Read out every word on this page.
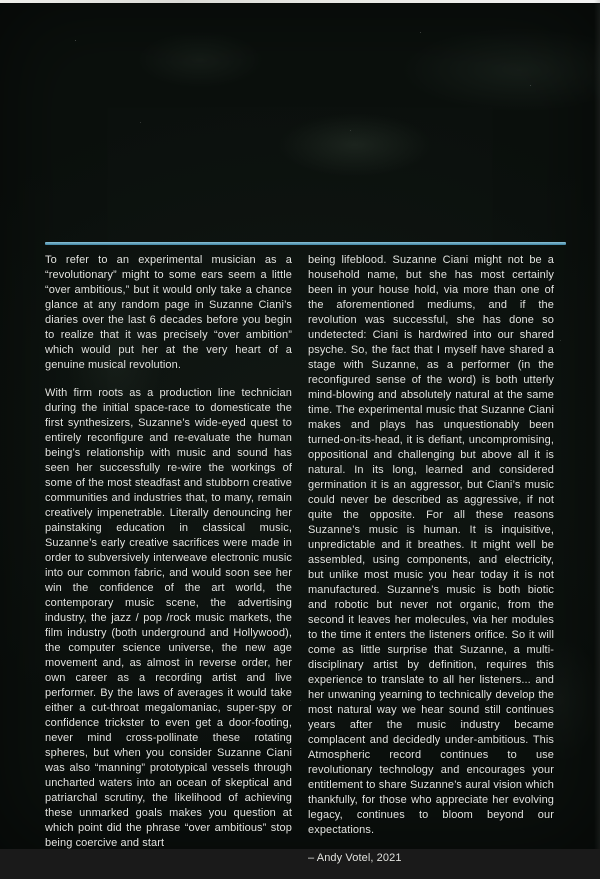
To refer to an experimental musician as a “revolutionary” might to some ears seem a little “over ambitious,” but it would only take a chance glance at any random page in Suzanne Ciani’s diaries over the last 6 decades before you begin to realize that it was precisely “over ambition” which would put her at the very heart of a genuine musical revolution.

With firm roots as a production line technician during the initial space-race to domesticate the first synthesizers, Suzanne’s wide-eyed quest to entirely reconfigure and re-evaluate the human being’s relationship with music and sound has seen her successfully re-wire the workings of some of the most steadfast and stubborn creative communities and industries that, to many, remain creatively impenetrable. Literally denouncing her painstaking education in classical music, Suzanne’s early creative sacrifices were made in order to subversively interweave electronic music into our common fabric, and would soon see her win the confidence of the art world, the contemporary music scene, the advertising industry, the jazz / pop /rock music markets, the film industry (both underground and Hollywood), the computer science universe, the new age movement and, as almost in reverse order, her own career as a recording artist and live performer. By the laws of averages it would take either a cut-throat megalomaniac, super-spy or confidence trickster to even get a door-footing, never mind cross-pollinate these rotating spheres, but when you consider Suzanne Ciani was also “manning” prototypical vessels through uncharted waters into an ocean of skeptical and patriarchal scrutiny, the likelihood of achieving these unmarked goals makes you question at which point did the phrase “over ambitious” stop being coercive and start

being lifeblood. Suzanne Ciani might not be a household name, but she has most certainly been in your house hold, via more than one of the aforementioned mediums, and if the revolution was successful, she has done so undetected: Ciani is hardwired into our shared psyche. So, the fact that I myself have shared a stage with Suzanne, as a performer (in the reconfigured sense of the word) is both utterly mind-blowing and absolutely natural at the same time. The experimental music that Suzanne Ciani makes and plays has unquestionably been turned-on-its-head, it is defiant, uncompromising, oppositional and challenging but above all it is natural. In its long, learned and considered germination it is an aggressor, but Ciani’s music could never be described as aggressive, if not quite the opposite. For all these reasons Suzanne’s music is human. It is inquisitive, unpredictable and it breathes. It might well be assembled, using components, and electricity, but unlike most music you hear today it is not manufactured. Suzanne’s music is both biotic and robotic but never not organic, from the second it leaves her molecules, via her modules to the time it enters the listeners orifice. So it will come as little surprise that Suzanne, a multi-disciplinary artist by definition, requires this experience to translate to all her listeners... and her unwaning yearning to technically develop the most natural way we hear sound still continues years after the music industry became complacent and decidedly under-ambitious. This Atmospheric record continues to use revolutionary technology and encourages your entitlement to share Suzanne’s aural vision which thankfully, for those who appreciate her evolving legacy, continues to bloom beyond our expectations.

– Andy Votel, 2021
